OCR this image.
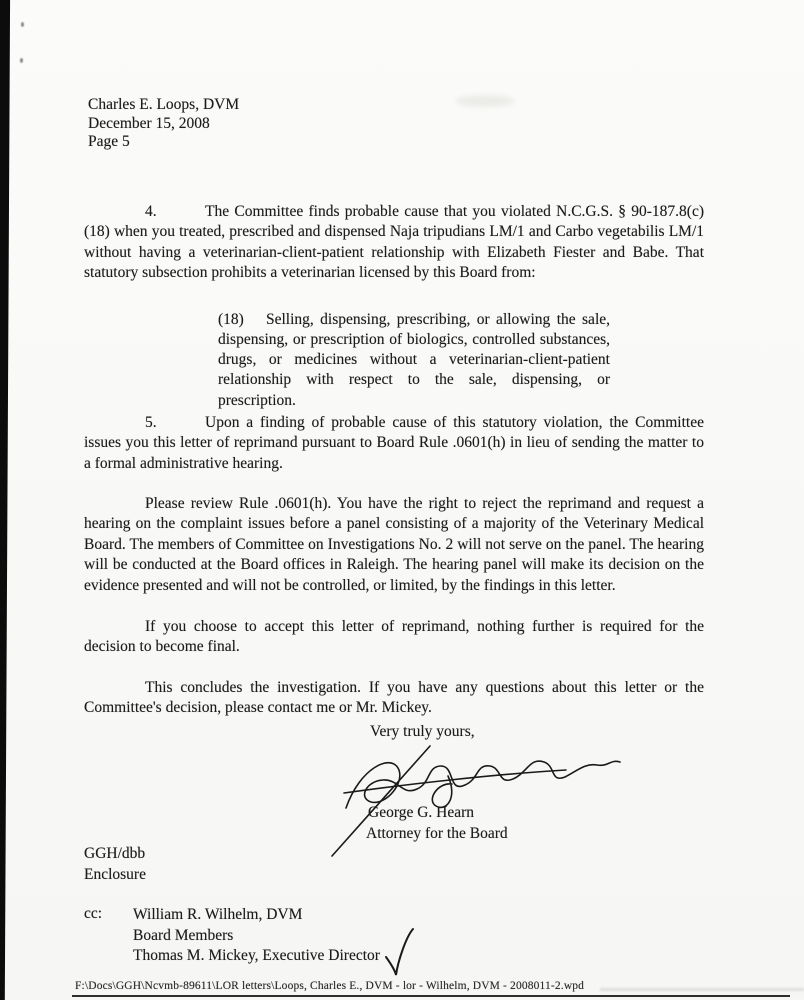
Charles E. Loops, DVM
December 15, 2008
Page 5

4.	The Committee finds probable cause that you violated N.C.G.S. § 90-187.8(c)(18) when you treated, prescribed and dispensed Naja tripudians LM/1 and Carbo vegetabilis LM/1 without having a veterinarian-client-patient relationship with Elizabeth Fiester and Babe. That statutory subsection prohibits a veterinarian licensed by this Board from:

(18) Selling, dispensing, prescribing, or allowing the sale, dispensing, or prescription of biologics, controlled substances, drugs, or medicines without a veterinarian-client-patient relationship with respect to the sale, dispensing, or prescription.

5.	Upon a finding of probable cause of this statutory violation, the Committee issues you this letter of reprimand pursuant to Board Rule .0601(h) in lieu of sending the matter to a formal administrative hearing.

Please review Rule .0601(h). You have the right to reject the reprimand and request a hearing on the complaint issues before a panel consisting of a majority of the Veterinary Medical Board. The members of Committee on Investigations No. 2 will not serve on the panel. The hearing will be conducted at the Board offices in Raleigh. The hearing panel will make its decision on the evidence presented and will not be controlled, or limited, by the findings in this letter.

If you choose to accept this letter of reprimand, nothing further is required for the decision to become final.

This concludes the investigation. If you have any questions about this letter or the Committee's decision, please contact me or Mr. Mickey.

Very truly yours,
George G. Hearn
Attorney for the Board
GGH/dbb
Enclosure
cc: William R. Wilhelm, DVM
Board Members
Thomas M. Mickey, Executive Director
F:\Docs\GGH\Ncvmb-89611\LOR letters\Loops, Charles E., DVM - lor - Wilhelm, DVM - 2008011-2.wpd
